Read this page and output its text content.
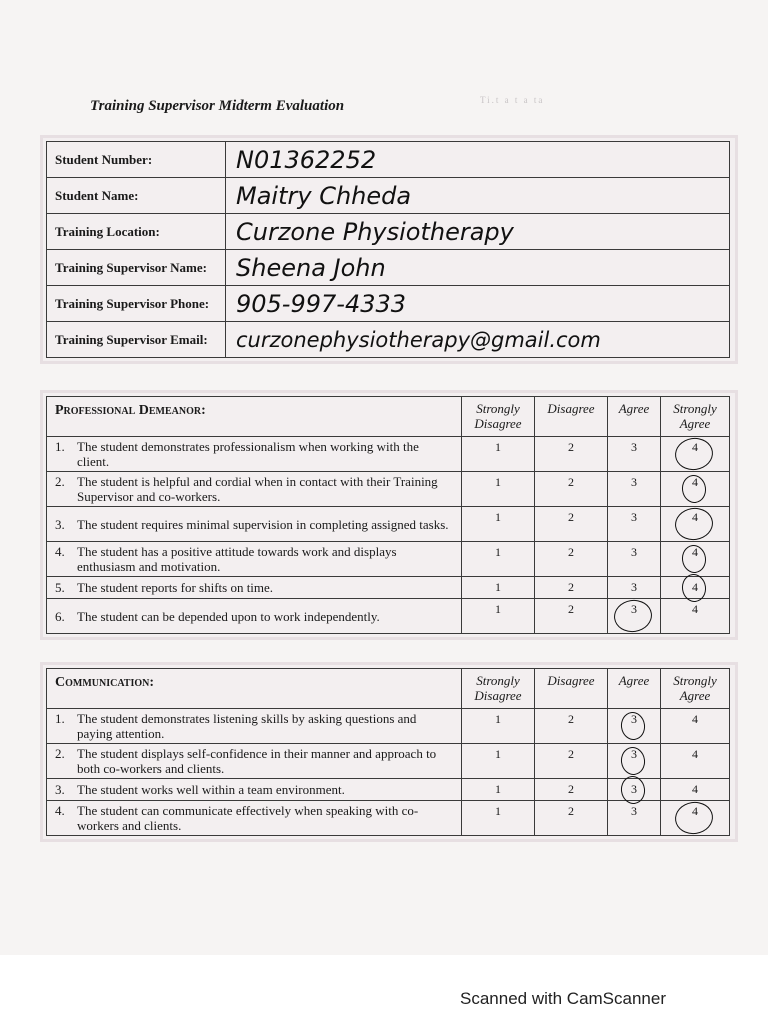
Training Supervisor Midterm Evaluation	Ti.t a t a ta
Student Number:	N01362252
Student Name:	Maitry Chheda
Training Location:	Curzone Physiotherapy
Training Supervisor Name:	Sheena John
Training Supervisor Phone:	905-997-4333
Training Supervisor Email:	curzonephysiotherapy@gmail.com
Professional Demeanor:	Strongly Disagree	Disagree	Agree	Strongly Agree
1. The student demonstrates professionalism when working with the client.	1	2	3	4

2. The student is helpful and cordial when in contact with their Training Supervisor and co-workers.	1	2	3	4

3. The student requires minimal supervision in completing assigned tasks.	1	2	3	4

4. The student has a positive attitude towards work and displays enthusiasm and motivation.	1	2	3	4

5. The student reports for shifts on time.	1	2	3	4

6. The student can be depended upon to work independently.	1	2	3	4
Communication:	Strongly Disagree	Disagree	Agree	Strongly Agree
1. The student demonstrates listening skills by asking questions and paying attention.	1	2	3	4
2. The student displays self-confidence in their manner and approach to both co-workers and clients.	1	2	3	4
3. The student works well within a team environment.	1	2	3	4
4. The student can communicate effectively when speaking with co-workers and clients.	1	2	3	4
Scanned with CamScanner
